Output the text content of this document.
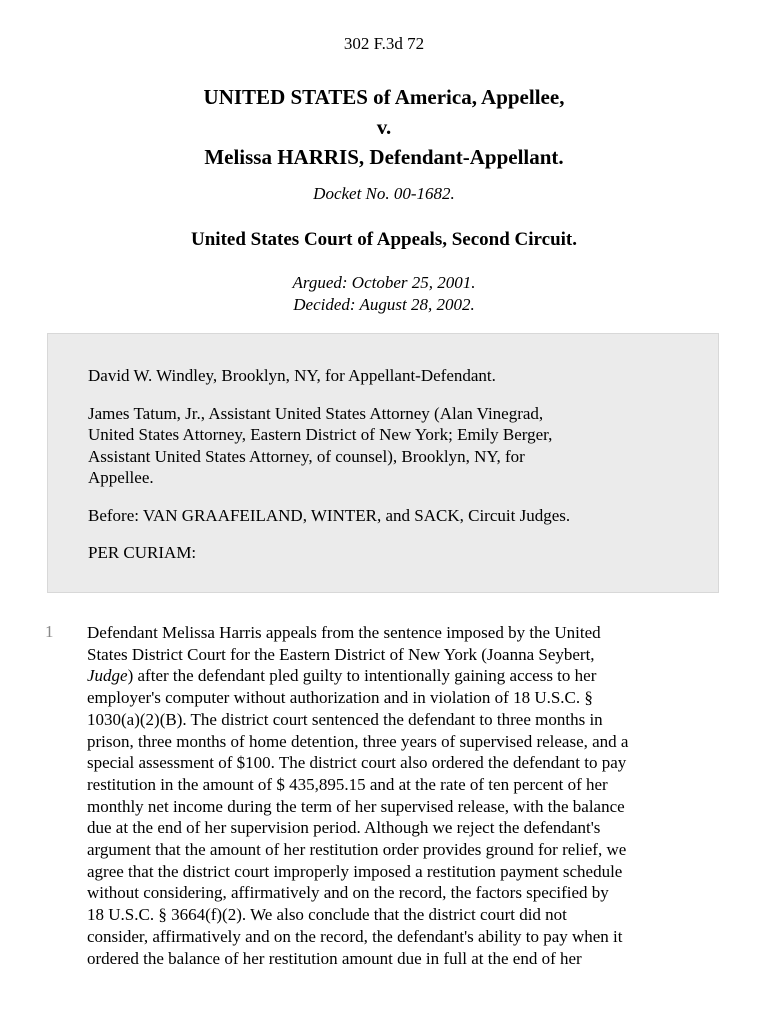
302 F.3d 72
UNITED STATES of America, Appellee,
v.
Melissa HARRIS, Defendant-Appellant.
Docket No. 00-1682.
United States Court of Appeals, Second Circuit.
Argued: October 25, 2001.
Decided: August 28, 2002.

David W. Windley, Brooklyn, NY, for Appellant-Defendant.

James Tatum, Jr., Assistant United States Attorney (Alan Vinegrad,
United States Attorney, Eastern District of New York; Emily Berger,
Assistant United States Attorney, of counsel), Brooklyn, NY, for
Appellee.

Before: VAN GRAAFEILAND, WINTER, and SACK, Circuit Judges.

PER CURIAM:

1 Defendant Melissa Harris appeals from the sentence imposed by the United
States District Court for the Eastern District of New York (Joanna Seybert,
Judge) after the defendant pled guilty to intentionally gaining access to her
employer's computer without authorization and in violation of 18 U.S.C. §
1030(a)(2)(B). The district court sentenced the defendant to three months in
prison, three months of home detention, three years of supervised release, and a
special assessment of $100. The district court also ordered the defendant to pay
restitution in the amount of $ 435,895.15 and at the rate of ten percent of her
monthly net income during the term of her supervised release, with the balance
due at the end of her supervision period. Although we reject the defendant's
argument that the amount of her restitution order provides ground for relief, we
agree that the district court improperly imposed a restitution payment schedule
without considering, affirmatively and on the record, the factors specified by
18 U.S.C. § 3664(f)(2). We also conclude that the district court did not
consider, affirmatively and on the record, the defendant's ability to pay when it
ordered the balance of her restitution amount due in full at the end of her
